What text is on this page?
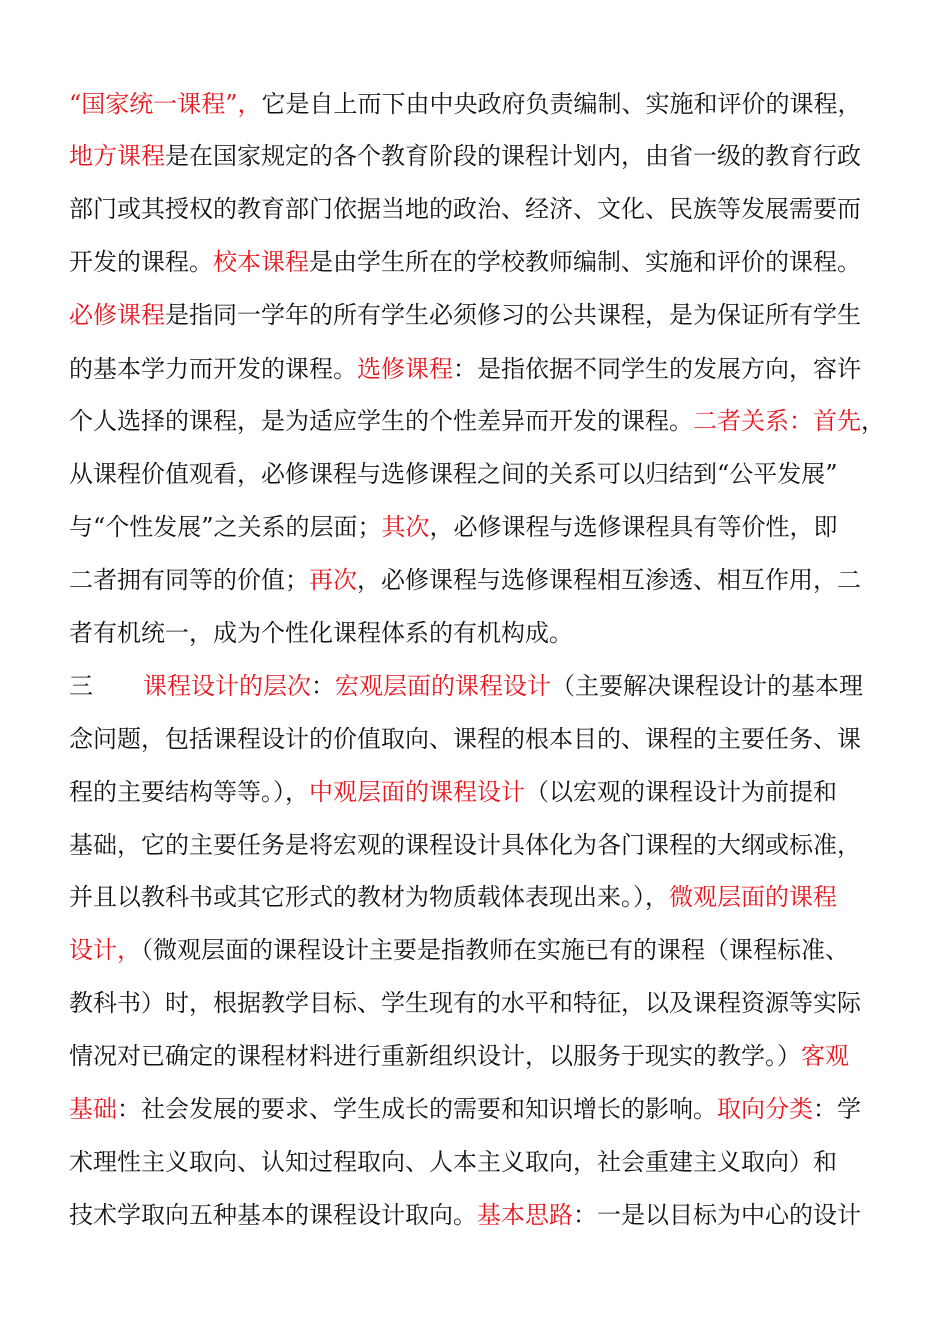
“国家统一课程”，它是自上而下由中央政府负责编制、实施和评价的课程，
地方课程是在国家规定的各个教育阶段的课程计划内，由省一级的教育行政
部门或其授权的教育部门依据当地的政治、经济、文化、民族等发展需要而
开发的课程。校本课程是由学生所在的学校教师编制、实施和评价的课程。
必修课程是指同一学年的所有学生必须修习的公共课程，是为保证所有学生
的基本学力而开发的课程。选修课程：是指依据不同学生的发展方向，容许
个人选择的课程，是为适应学生的个性差异而开发的课程。二者关系：首先，
从课程价值观看，必修课程与选修课程之间的关系可以归结到“公平发展”
与“个性发展”之关系的层面；其次，必修课程与选修课程具有等价性，即
二者拥有同等的价值；再次，必修课程与选修课程相互渗透、相互作用，二
者有机统一，成为个性化课程体系的有机构成。
三 课程设计的层次：宏观层面的课程设计（主要解决课程设计的基本理
念问题，包括课程设计的价值取向、课程的根本目的、课程的主要任务、课
程的主要结构等等。），中观层面的课程设计（以宏观的课程设计为前提和
基础，它的主要任务是将宏观的课程设计具体化为各门课程的大纲或标准，
并且以教科书或其它形式的教材为物质载体表现出来。），微观层面的课程
设计，（微观层面的课程设计主要是指教师在实施已有的课程（课程标准、
教科书）时，根据教学目标、学生现有的水平和特征，以及课程资源等实际
情况对已确定的课程材料进行重新组织设计，以服务于现实的教学。）客观
基础：社会发展的要求、学生成长的需要和知识增长的影响。取向分类：学
术理性主义取向、认知过程取向、人本主义取向，社会重建主义取向）和
技术学取向五种基本的课程设计取向。基本思路：一是以目标为中心的设计
